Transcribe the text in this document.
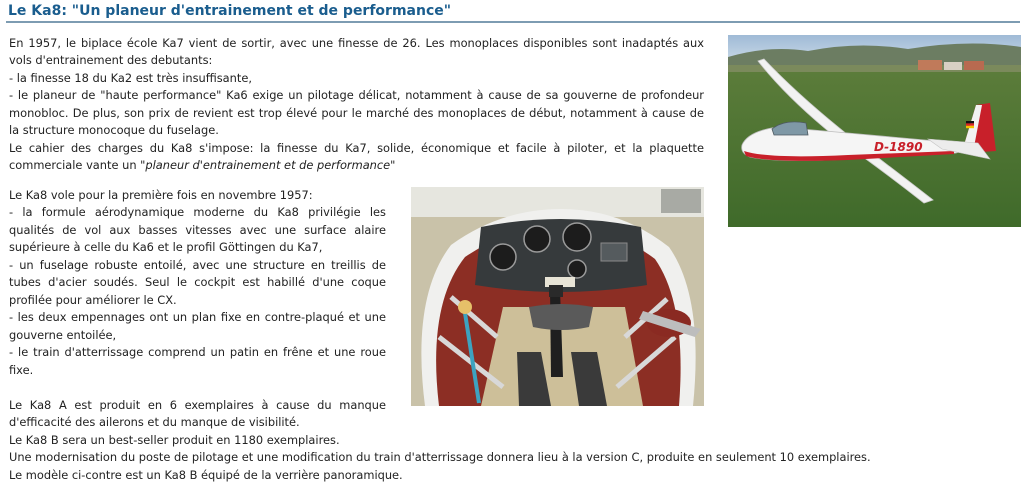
Le Ka8: "Un planeur d'entrainement et de performance"
En 1957, le biplace école Ka7 vient de sortir, avec une finesse de 26. Les monoplaces disponibles sont inadaptés aux vols d'entrainement des debutants:
- la finesse 18 du Ka2 est très insuffisante,
- le planeur de "haute performance" Ka6 exige un pilotage délicat, notamment à cause de sa gouverne de profondeur monobloc. De plus, son prix de revient est trop élevé pour le marché des monoplaces de début, notamment à cause de la structure monocoque du fuselage.
Le cahier des charges du Ka8 s'impose: la finesse du Ka7, solide, économique et facile à piloter, et la plaquette commerciale vante un "planeur d'entrainement et de performance"
Le Ka8 vole pour la première fois en novembre 1957:
- la formule aérodynamique moderne du Ka8 privilégie les qualités de vol aux basses vitesses avec une surface alaire supérieure à celle du Ka6 et le profil Göttingen du Ka7,
- un fuselage robuste entoilé, avec une structure en treillis de tubes d'acier soudés. Seul le cockpit est habillé d'une coque profilée pour améliorer le CX.
- les deux empennages ont un plan fixe en contre-plaqué et une gouverne entoilée,
- le train d'atterrissage comprend un patin en frêne et une roue fixe.
Le Ka8 A est produit en 6 exemplaires à cause du manque d'efficacité des ailerons et du manque de visibilité.
Le Ka8 B sera un best-seller produit en 1180 exemplaires.
Une modernisation du poste de pilotage et une modification du train d'atterrissage donnera lieu à la version C, produite en seulement 10 exemplaires.
Le modèle ci-contre est un Ka8 B équipé de la verrière panoramique.
D-1890
